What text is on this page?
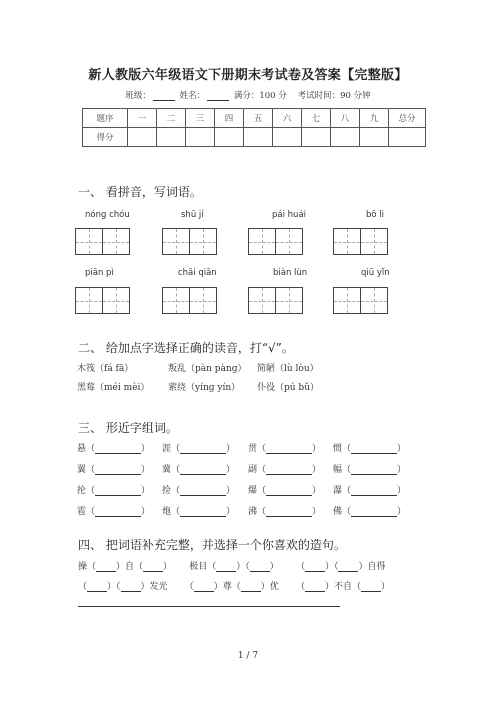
新人教版六年级语文下册期末考试卷及答案【完整版】
班级：	姓名：	满分：100 分 考试时间：90 分钟
题序	一	二	三	四	五	六	七	八	九	总分
得分										
一、 看拼音，写词语。
nóng chóu	shū jí	pái huái	bō li
piān pì	chāi qiān	biàn lùn	qiū yǐn
二、 给加点字选择正确的读音，打“√”。
木筏（fá fā）	叛乱（pàn pàng） 简陋（lù lòu）
黑莓（méi mèi） 萦绕（yíng yín） 仆役（pú bǔ）
三、 形近字组词。
悬（	） 涯（	） 贯（	） 惯（	）
翼（	） 冀（	） 副（	） 幅（	）
抡（	） 捡（	） 爆（	） 瀑（	）
雹（	） 炮（	） 沸（	） 佛（	）
四、 把词语补充完整，并选择一个你喜欢的造句。
操（ ）自（ ） 极目（ ）（ ） （ ）（ ）自得
（ ）（ ）发光 （ ）尊（ ）优 （ ）不自（ ）
1 / 7
